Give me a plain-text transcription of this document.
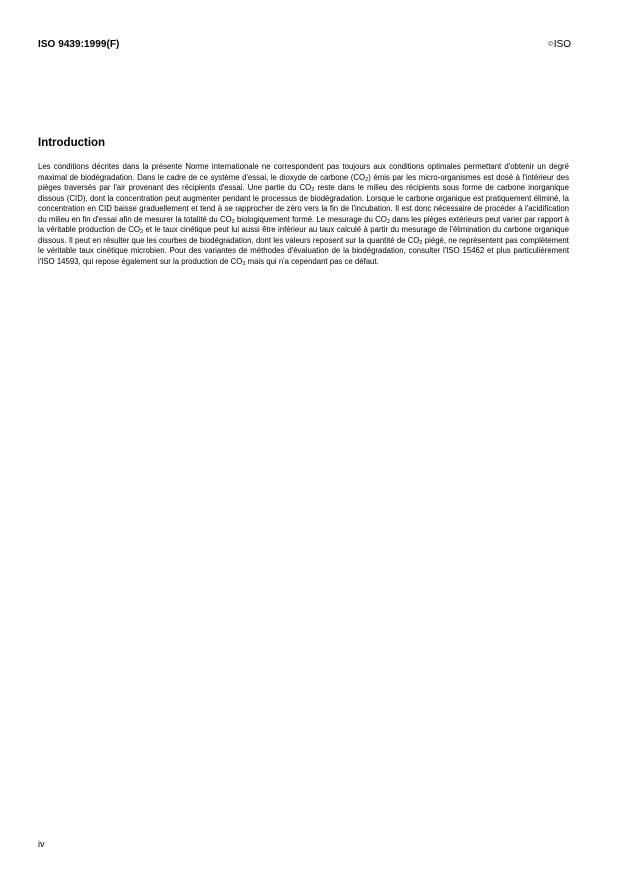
ISO 9439:1999(F)	©ISO
Introduction

Les conditions décrites dans la présente Norme internationale ne correspondent pas toujours aux conditions optimales permettant d'obtenir un degré maximal de biodégradation. Dans le cadre de ce système d'essai, le dioxyde de carbone $(CO_2)$ émis par les micro-organismes est dosé à l'intérieur des pièges traversés par l'air provenant des récipients d'essai. Une partie du $CO_2$ reste dans le milieu des récipients sous forme de carbone inorganique dissous (CID), dont la concentration peut augmenter pendant le processus de biodégradation. Lorsque le carbone organique est pratiquement éliminé, la concentration en CID baisse graduellement et tend à se rapprocher de zéro vers la fin de l'incubation. Il est donc nécessaire de procéder à l'acidification du milieu en fin d'essai afin de mesurer la totalité du $CO_2$ biologiquement formé. Le mesurage du $CO_2$ dans les pièges extérieurs peut varier par rapport à la véritable production de $CO_2$ et le taux cinétique peut lui aussi être inférieur au taux calculé à partir du mesurage de l'élimination du carbone organique dissous. Il peut en résulter que les courbes de biodégradation, dont les valeurs reposent sur la quantité de $CO_2$ piégé, ne représentent pas complètement le véritable taux cinétique microbien. Pour des variantes de méthodes d'évaluation de la biodégradation, consulter l'ISO 15462 et plus particulièrement l'ISO 14593, qui repose également sur la production de $CO_2$ mais qui n'a cependant pas ce défaut.

iv
